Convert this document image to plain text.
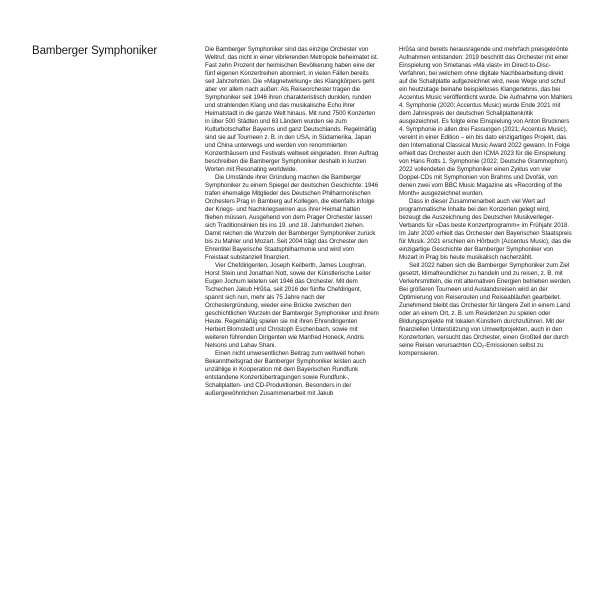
Bamberger Symphoniker	Die Bamberger Symphoniker sind das einzige Orchester von Weltruf, das nicht in einer vibrierenden Metropole beheimatet ist. Fast zehn Prozent der heimischen Bevölkerung haben eine der fünf eigenen Konzertreihen abonniert, in vielen Fällen bereits seit Jahrzehnten. Die »Magnetwirkung« des Klangkörpers geht aber vor allem nach außen: Als Reiseorchester tragen die Symphoniker seit 1946 ihren charakteristisch dunklen, runden und strahlenden Klang und das musikalische Echo ihrer Heimatstadt in die ganze Welt hinaus. Mit rund 7500 Konzerten in über 500 Städten und 63 Ländern wurden sie zum Kulturbotschafter Bayerns und ganz Deutschlands. Regelmäßig sind sie auf Tourneen z. B. in den USA, in Südamerika, Japan und China unterwegs und werden von renommierten Konzerthäusern und Festivals weltweit eingeladen. Ihren Auftrag beschreiben die Bamberger Symphoniker deshalb in kurzen Worten mit Resonating worldwide.

Die Umstände ihrer Gründung machen die Bamberger Symphoniker zu einem Spiegel der deutschen Geschichte: 1946 trafen ehemalige Mitglieder des Deutschen Philharmonischen Orchesters Prag in Bamberg auf Kollegen, die ebenfalls infolge der Kriegs- und Nachkriegswirren aus ihrer Heimat hatten fliehen müssen. Ausgehend von dem Prager Orchester lassen sich Traditionslinien bis ins 19. und 18. Jahrhundert ziehen. Damit reichen die Wurzeln der Bamberger Symphoniker zurück bis zu Mahler und Mozart. Seit 2004 trägt das Orchester den Ehrentitel Bayerische Staatsphilharmonie und wird vom Freistaat substanziell finanziert.

Vier Chefdirigenten, Joseph Keilberth, James Loughran, Horst Stein und Jonathan Nott, sowie der Künstlerische Leiter Eugen Jochum leiteten seit 1946 das Orchester. Mit dem Tschechen Jakub Hrůša, seit 2016 der fünfte Chefdirigent, spannt sich nun, mehr als 75 Jahre nach der Orchestergründung, wieder eine Brücke zwischen den geschichtlichen Wurzeln der Bamberger Symphoniker und ihrem Heute. Regelmäßig spielen sie mit ihren Ehrendirigenten Herbert Blomstedt und Christoph Eschenbach, sowie mit weiteren führenden Dirigenten wie Manfred Honeck, Andris Nelsons und Lahav Shani.

Einen nicht unwesentlichen Beitrag zum weltweit hohen Bekanntheitsgrad der Bamberger Symphoniker leisten auch unzählige in Kooperation mit dem Bayerischen Rundfunk entstandene Konzertübertragungen sowie Rundfunk-, Schallplatten- und CD-Produktionen. Besonders in der außergewöhnlichen Zusammenarbeit mit Jakub

Hrůša sind bereits herausragende und mehrfach preisgekrönte Aufnahmen entstanden: 2019 beschritt das Orchester mit einer Einspielung von Smetanas »Má vlast« im Direct-to-Disc-Verfahren, bei welchem ohne digitale Nachbearbeitung direkt auf die Schallplatte aufgezeichnet wird, neue Wege und schuf ein heutzutage beinahe beispielloses Klangerlebnis, das bei Accentus Music veröffentlicht wurde. Die Aufnahme von Mahlers 4. Symphonie (2020; Accentus Music) wurde Ende 2021 mit dem Jahrespreis der deutschen Schallplattenkritik ausgezeichnet. Es folgte eine Einspielung von Anton Bruckners 4. Symphonie in allen drei Fassungen (2021; Accentus Music), vereint in einer Edition – ein bis dato einzigartiges Projekt, das den International Classical Music Award 2022 gewann. In Folge erhielt das Orchester auch den ICMA 2023 für die Einspielung von Hans Rotts 1. Symphonie (2022; Deutsche Grammophon). 2022 vollendeten die Symphoniker einen Zyklus von vier Doppel-CDs mit Symphonien von Brahms und Dvořák, von denen zwei vom BBC Music Magazine als »Recording of the Month« ausgezeichnet wurden.

Dass in dieser Zusammenarbeit auch viel Wert auf programmatische Inhalte bei den Konzerten gelegt wird, bezeugt die Auszeichnung des Deutschen Musikverleger-Verbands für »Das beste Konzertprogramm« im Frühjahr 2018. Im Jahr 2020 erhielt das Orchester den Bayerischen Staatspreis für Musik. 2021 erschien ein Hörbuch (Accentus Music), das die einzigartige Geschichte der Bamberger Symphoniker von Mozart in Prag bis heute musikalisch nacherzählt.

Seit 2022 haben sich die Bamberger Symphoniker zum Ziel gesetzt, klimafreundlicher zu handeln und zu reisen, z. B. mit Verkehrsmitteln, die mit alternativen Energien betrieben werden. Bei größeren Tourneen und Auslandsreisen wird an der Optimierung von Reiserouten und Reiseabläufen gearbeitet. Zunehmend bleibt das Orchester für längere Zeit in einem Land oder an einem Ort, z. B. um Residenzen zu spielen oder Bildungsprojekte mit lokalen Künstlern durchzuführen. Mit der finanziellen Unterstützung von Umweltprojekten, auch in den Konzertorten, versucht das Orchester, einen Großteil der durch seine Reisen verursachten CO₂-Emissionen selbst zu kompensieren.
